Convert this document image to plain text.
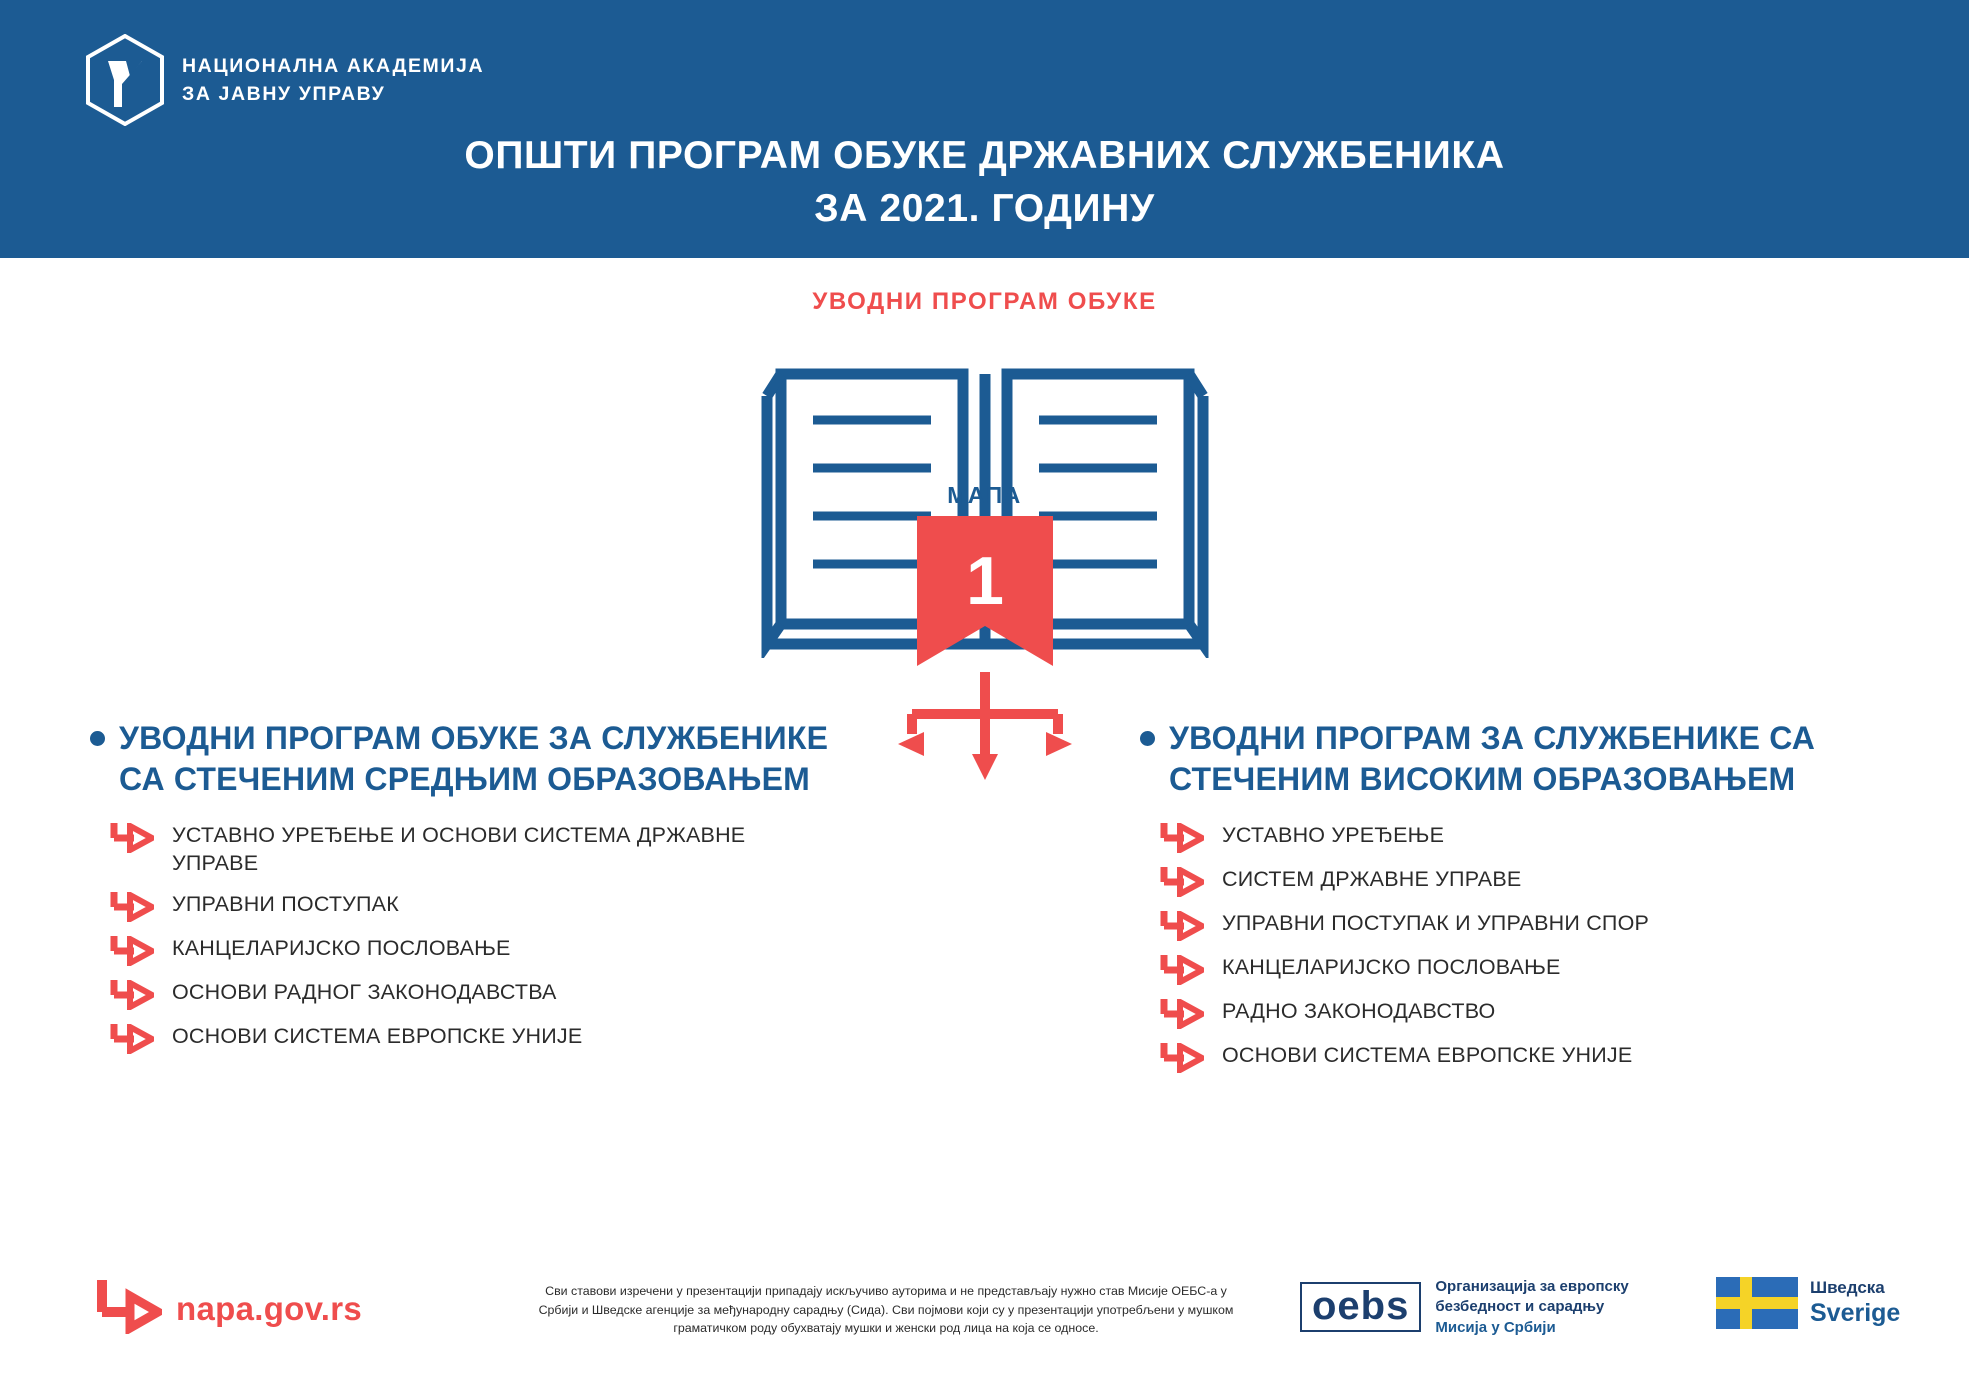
НАЦИОНАЛНА АКАДЕМИЈА
ЗА ЈАВНУ УПРАВУ
ОПШТИ ПРОГРАМ ОБУКЕ ДРЖАВНИХ СЛУЖБЕНИКА
ЗА 2021. ГОДИНУ
УВОДНИ ПРОГРАМ ОБУКЕ
МАПА
1
УВОДНИ ПРОГРАМ ОБУКЕ ЗА СЛУЖБЕНИКЕ СА СТЕЧЕНИМ СРЕДЊИМ ОБРАЗОВАЊЕМ
УСТАВНО УРЕЂЕЊЕ И ОСНОВИ СИСТЕМА ДРЖАВНЕ УПРАВЕ
УПРАВНИ ПОСТУПАК
КАНЦЕЛАРИЈСКО ПОСЛОВАЊЕ
ОСНОВИ РАДНОГ ЗАКОНОДАВСТВА
ОСНОВИ СИСТЕМА ЕВРОПСКЕ УНИЈЕ
УВОДНИ ПРОГРАМ ЗА СЛУЖБЕНИКЕ СА СТЕЧЕНИМ ВИСОКИМ ОБРАЗОВАЊЕМ
УСТАВНО УРЕЂЕЊЕ
СИСТЕМ ДРЖАВНЕ УПРАВЕ
УПРАВНИ ПОСТУПАК И УПРАВНИ СПОР
КАНЦЕЛАРИЈСКО ПОСЛОВАЊЕ
РАДНО ЗАКОНОДАВСТВО
ОСНОВИ СИСТЕМА ЕВРОПСКЕ УНИЈЕ
napa.gov.rs	Сви ставови изречени у презентацији припадају искључиво ауторима и не представљају нужно став Мисије ОЕБС-а у Србији и Шведске агенције за међународну сарадњу (Сида). Сви појмови који су у презентацији употребљени у мушком граматичком роду обухватају мушки и женски род лица на која се односе.	oebs	Организација за европску
безбедност и сарадњу
Мисија у Србији
Шведска
Sverige
